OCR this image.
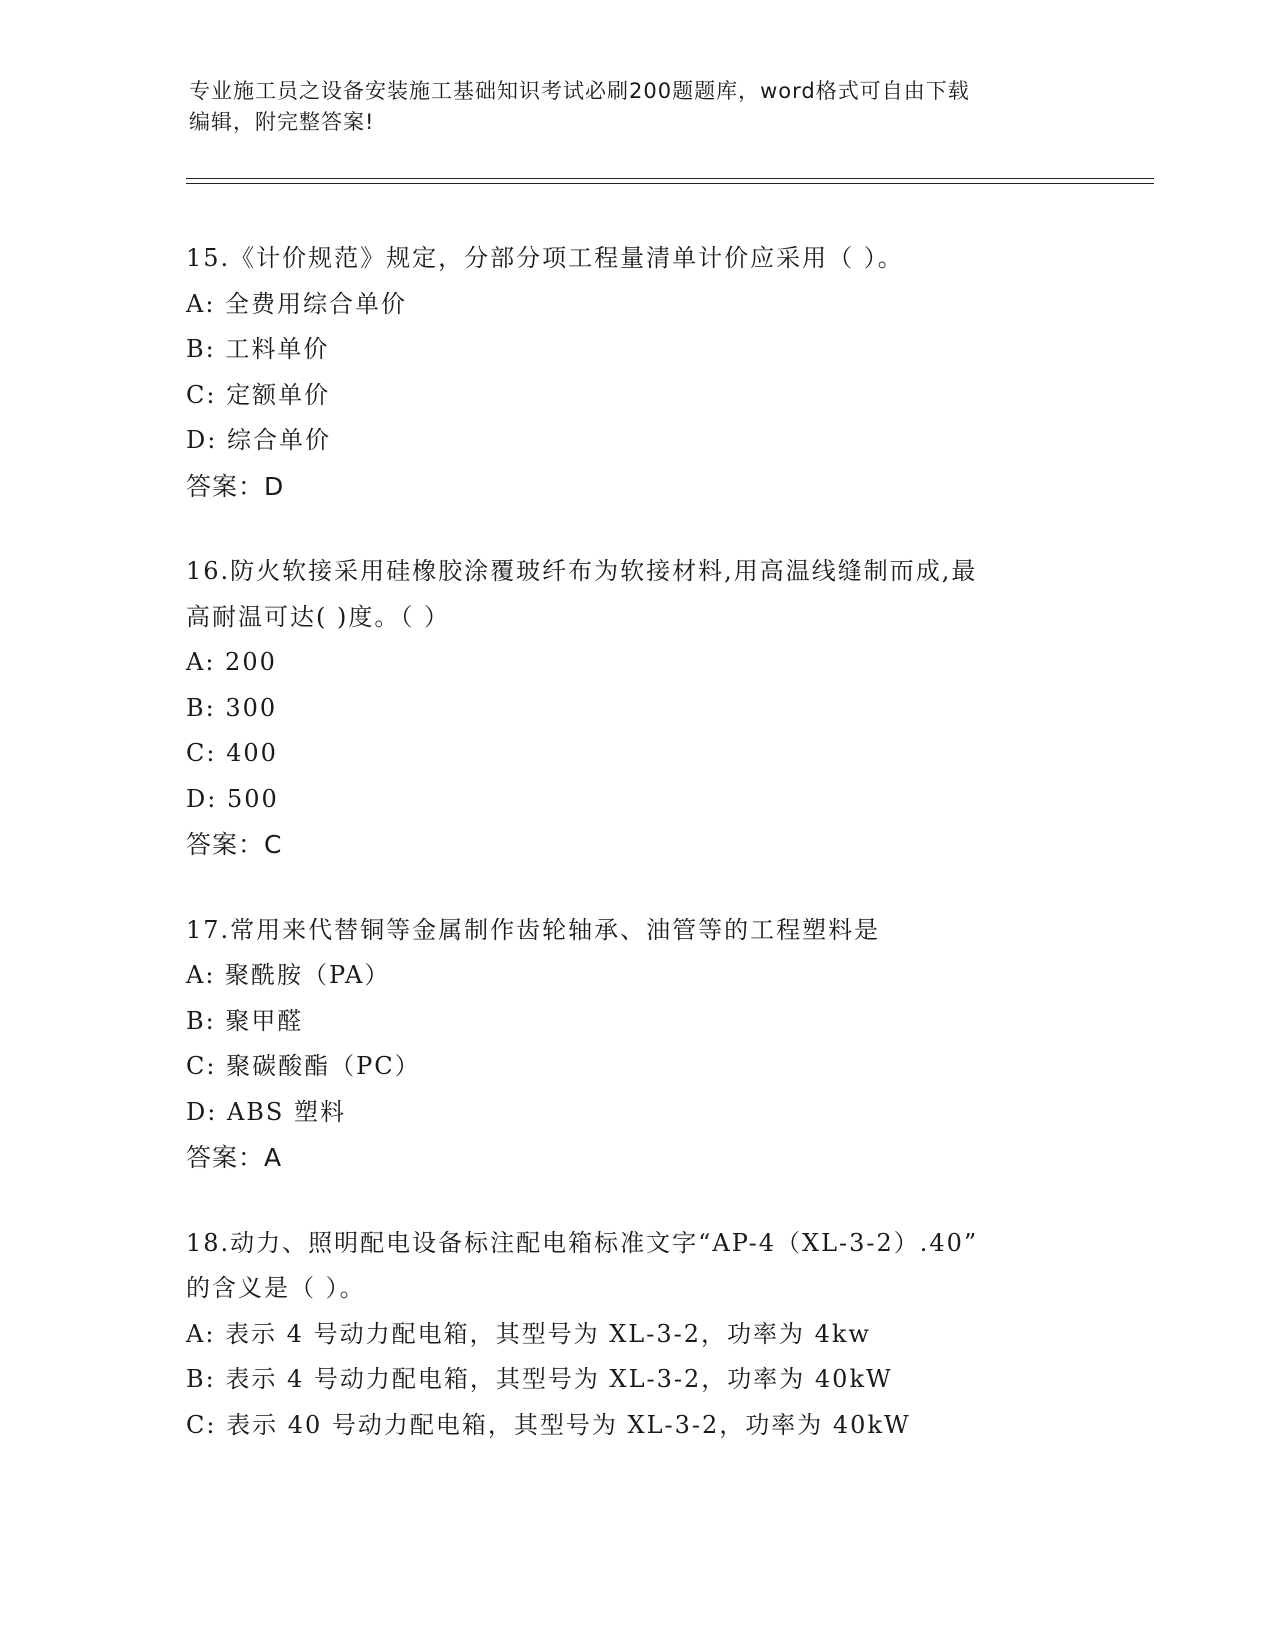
专业施工员之设备安装施工基础知识考试必刷200题题库，word格式可自由下载
编辑，附完整答案!
15.《计价规范》规定，分部分项工程量清单计价应采用（ ）。
A: 全费用综合单价
B: 工料单价
C: 定额单价
D: 综合单价
答案：D
16.防火软接采用硅橡胶涂覆玻纤布为软接材料,用高温线缝制而成,最
高耐温可达( )度。（ ）
A: 200
B: 300
C: 400
D: 500
答案：C
17.常用来代替铜等金属制作齿轮轴承、油管等的工程塑料是
A: 聚酰胺（PA）
B: 聚甲醛
C: 聚碳酸酯（PC）
D: ABS 塑料
答案：A
18.动力、照明配电设备标注配电箱标准文字“AP-4（XL-3-2）.40”
的含义是（ ）。
A: 表示 4 号动力配电箱，其型号为 XL-3-2，功率为 4kw
B: 表示 4 号动力配电箱，其型号为 XL-3-2，功率为 40kW
C: 表示 40 号动力配电箱，其型号为 XL-3-2，功率为 40kW
